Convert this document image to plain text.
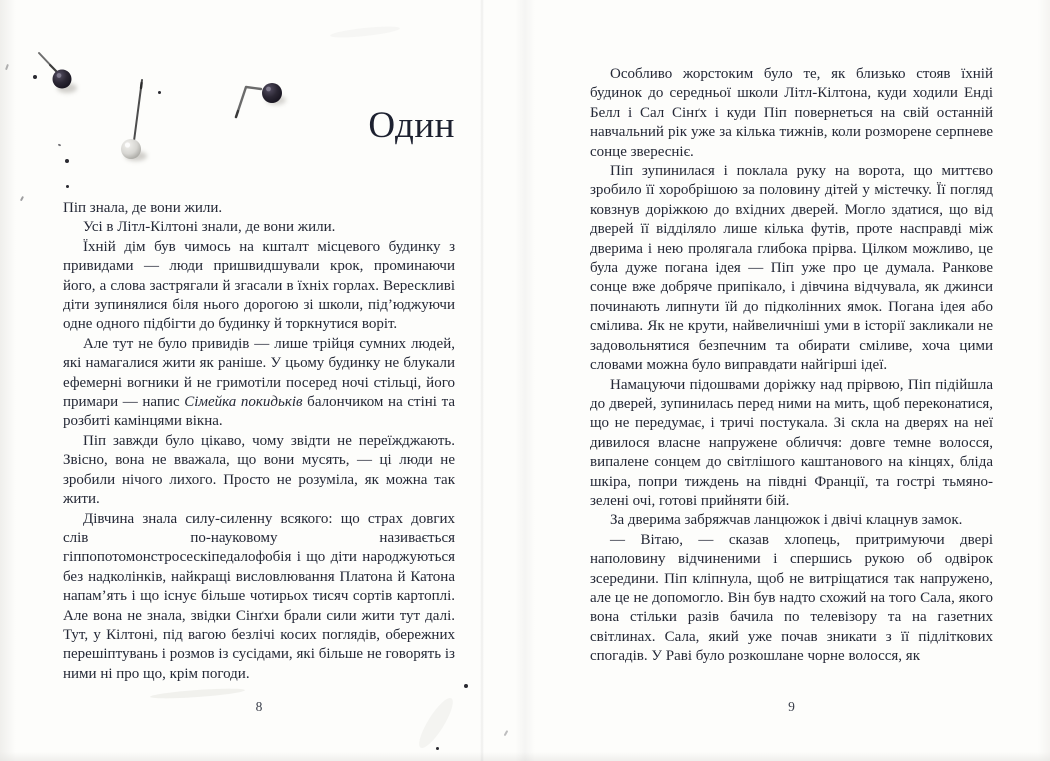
Один

Піп знала, де вони жили.

Усі в Літл-Кілтоні знали, де вони жили.

Їхній дім був чимось на кшталт місцевого будинку з привидами — люди пришвидшували крок, проминаючи його, а слова застрягали й згасали в їхніх горлах. Верескливі діти зупинялися біля нього дорогою зі школи, під’юджуючи одне одного підбігти до будинку й торкнутися воріт.

Але тут не було привидів — лише трійця сумних людей, які намагалися жити як раніше. У цьому будинку не блукали ефемерні вогники й не гримотіли посеред ночі стільці, його примари — напис Сімейка покидьків балончиком на стіні та розбиті камінцями вікна.

Піп завжди було цікаво, чому звідти не переїжджають. Звісно, вона не вважала, що вони мусять, — ці люди не зробили нічого лихого. Просто не розуміла, як можна так жити.

Дівчина знала силу-силенну всякого: що страх довгих слів по-науковому називається гіппопотомонстросескіпедалофобія і що діти народжуються без надколінків, найкращі висловлювання Платона й Катона напам’ять і що існує більше чотирьох тисяч сортів картоплі. Але вона не знала, звідки Сінґхи брали сили жити тут далі. Тут, у Кілтоні, під вагою безлічі косих поглядів, обережних перешіптувань і розмов із сусідами, які більше не говорять із ними ні про що, крім погоди.

8

Особливо жорстоким було те, як близько стояв їхній будинок до середньої школи Літл-Кілтона, куди ходили Енді Белл і Сал Сінґх і куди Піп повернеться на свій останній навчальний рік уже за кілька тижнів, коли розморене серпневе сонце звересніє.

Піп зупинилася і поклала руку на ворота, що миттєво зробило її хоробрішою за половину дітей у містечку. Її погляд ковзнув доріжкою до вхідних дверей. Могло здатися, що від дверей її відділяло лише кілька футів, проте насправді між дверима і нею пролягала глибока прірва. Цілком можливо, це була дуже погана ідея — Піп уже про це думала. Ранкове сонце вже добряче припікало, і дівчина відчувала, як джинси починають липнути їй до підколінних ямок. Погана ідея або смілива. Як не крути, найвеличніші уми в історії закликали не задовольнятися безпечним та обирати сміливе, хоча цими словами можна було виправдати найгірші ідеї.

Намацуючи підошвами доріжку над прірвою, Піп підійшла до дверей, зупинилась перед ними на мить, щоб переконатися, що не передумає, і тричі постукала. Зі скла на дверях на неї дивилося власне напружене обличчя: довге темне волосся, випалене сонцем до світлішого каштанового на кінцях, бліда шкіра, попри тиждень на півдні Франції, та гострі тьмяно-зелені очі, готові прийняти бій.

За дверима забряжчав ланцюжок і двічі клацнув замок.

— Вітаю, — сказав хлопець, притримуючи двері наполовину відчиненими і спершись рукою об одвірок зсередини. Піп кліпнула, щоб не витріщатися так напружено, але це не допомогло. Він був надто схожий на того Сала, якого вона стільки разів бачила по телевізору та на газетних світлинах. Сала, який уже почав зникати з її підліткових спогадів. У Раві було розкошлане чорне волосся, як

9
